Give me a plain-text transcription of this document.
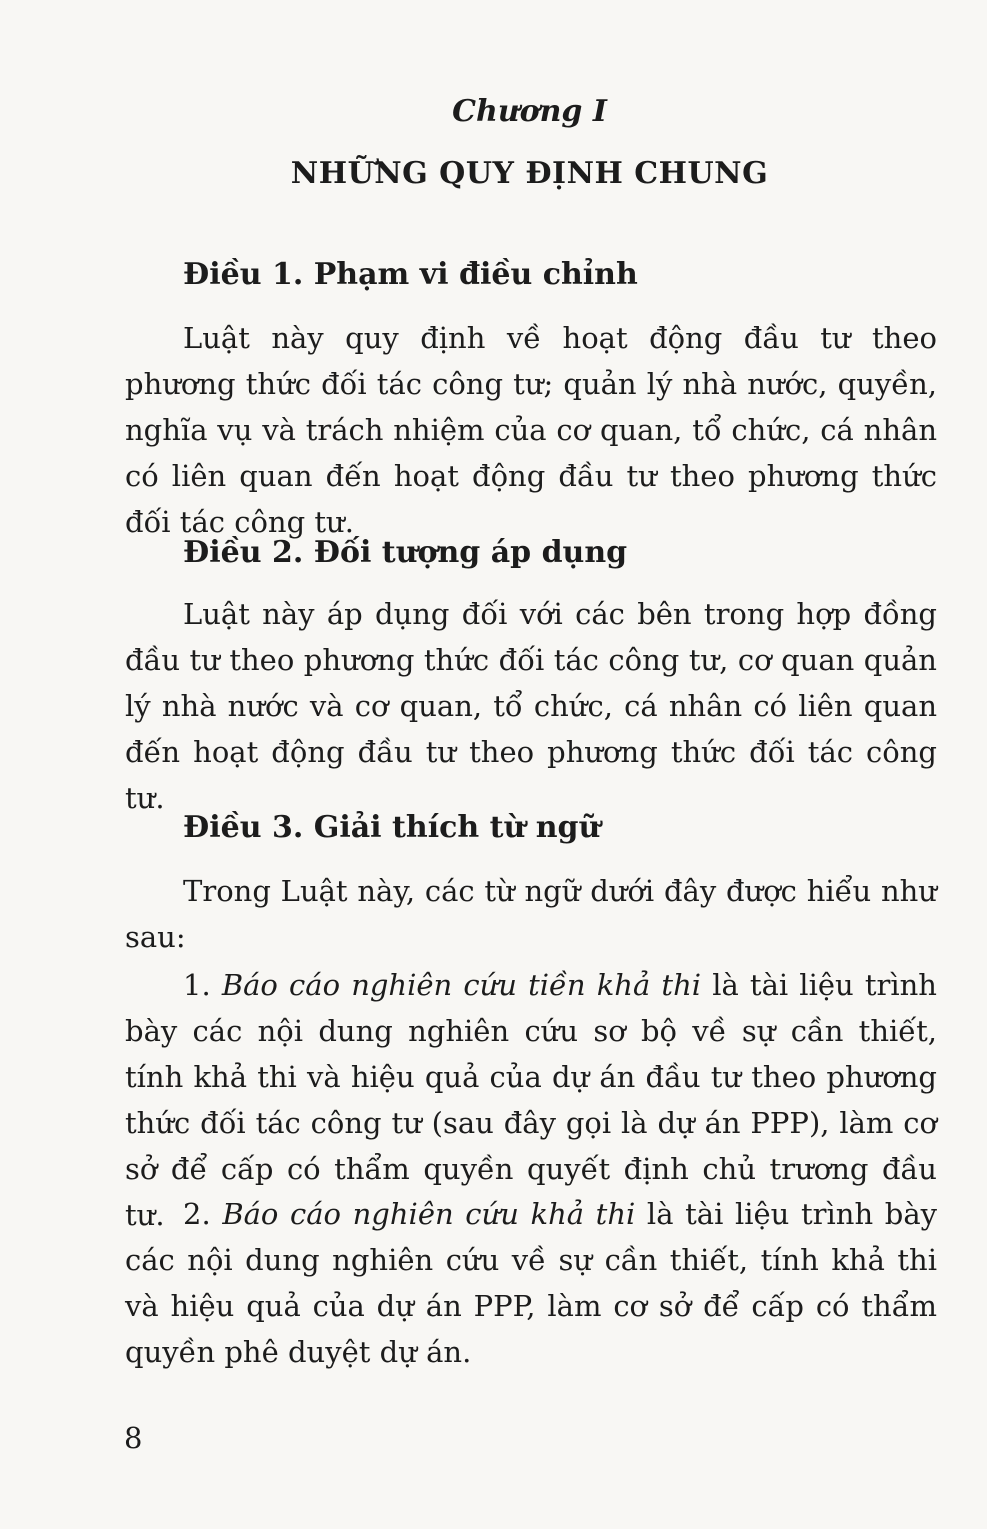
Chương I
NHỮNG QUY ĐỊNH CHUNG
Điều 1. Phạm vi điều chỉnh

Luật này quy định về hoạt động đầu tư theo phương thức đối tác công tư; quản lý nhà nước, quyền, nghĩa vụ và trách nhiệm của cơ quan, tổ chức, cá nhân có liên quan đến hoạt động đầu tư theo phương thức đối tác công tư.

Điều 2. Đối tượng áp dụng

Luật này áp dụng đối với các bên trong hợp đồng đầu tư theo phương thức đối tác công tư, cơ quan quản lý nhà nước và cơ quan, tổ chức, cá nhân có liên quan đến hoạt động đầu tư theo phương thức đối tác công tư.

Điều 3. Giải thích từ ngữ

Trong Luật này, các từ ngữ dưới đây được hiểu như sau:

1. Báo cáo nghiên cứu tiền khả thi là tài liệu trình bày các nội dung nghiên cứu sơ bộ về sự cần thiết, tính khả thi và hiệu quả của dự án đầu tư theo phương thức đối tác công tư (sau đây gọi là dự án PPP), làm cơ sở để cấp có thẩm quyền quyết định chủ trương đầu tư. 2. Báo cáo nghiên cứu khả thi là tài liệu trình bày các nội dung nghiên cứu về sự cần thiết, tính khả thi và hiệu quả của dự án PPP, làm cơ sở để cấp có thẩm quyền phê duyệt dự án.

8
